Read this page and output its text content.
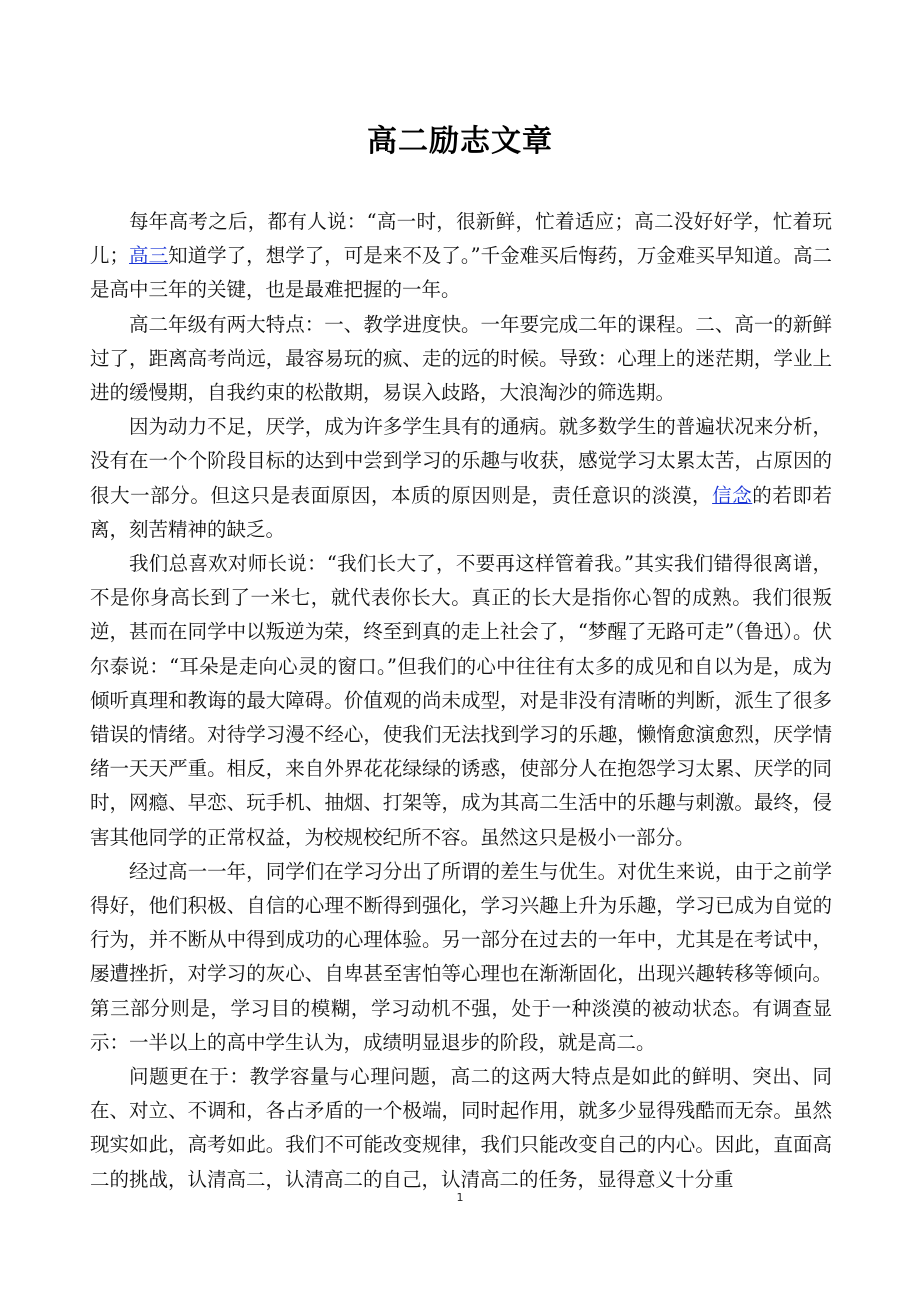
高二励志文章

每年高考之后，都有人说：“高一时，很新鲜，忙着适应；高二没好好学，忙着玩儿；高三知道学了，想学了，可是来不及了。”千金难买后悔药，万金难买早知道。高二是高中三年的关键，也是最难把握的一年。

高二年级有两大特点：一、教学进度快。一年要完成二年的课程。二、高一的新鲜过了，距离高考尚远，最容易玩的疯、走的远的时候。导致：心理上的迷茫期，学业上进的缓慢期，自我约束的松散期，易误入歧路，大浪淘沙的筛选期。

因为动力不足，厌学，成为许多学生具有的通病。就多数学生的普遍状况来分析，没有在一个个阶段目标的达到中尝到学习的乐趣与收获，感觉学习太累太苦，占原因的很大一部分。但这只是表面原因，本质的原因则是，责任意识的淡漠，信念的若即若离，刻苦精神的缺乏。

我们总喜欢对师长说：“我们长大了，不要再这样管着我。”其实我们错得很离谱，不是你身高长到了一米七，就代表你长大。真正的长大是指你心智的成熟。我们很叛逆，甚而在同学中以叛逆为荣，终至到真的走上社会了，“梦醒了无路可走”（鲁迅）。伏尔泰说：“耳朵是走向心灵的窗口。”但我们的心中往往有太多的成见和自以为是，成为倾听真理和教诲的最大障碍。价值观的尚未成型，对是非没有清晰的判断，派生了很多错误的情绪。对待学习漫不经心，使我们无法找到学习的乐趣，懒惰愈演愈烈，厌学情绪一天天严重。相反，来自外界花花绿绿的诱惑，使部分人在抱怨学习太累、厌学的同时，网瘾、早恋、玩手机、抽烟、打架等，成为其高二生活中的乐趣与刺激。最终，侵害其他同学的正常权益，为校规校纪所不容。虽然这只是极小一部分。

经过高一一年，同学们在学习分出了所谓的差生与优生。对优生来说，由于之前学得好，他们积极、自信的心理不断得到强化，学习兴趣上升为乐趣，学习已成为自觉的行为，并不断从中得到成功的心理体验。另一部分在过去的一年中，尤其是在考试中，屡遭挫折，对学习的灰心、自卑甚至害怕等心理也在渐渐固化，出现兴趣转移等倾向。第三部分则是，学习目的模糊，学习动机不强，处于一种淡漠的被动状态。有调查显示：一半以上的高中学生认为，成绩明显退步的阶段，就是高二。

问题更在于：教学容量与心理问题，高二的这两大特点是如此的鲜明、突出、同在、对立、不调和，各占矛盾的一个极端，同时起作用，就多少显得残酷而无奈。虽然现实如此，高考如此。我们不可能改变规律，我们只能改变自己的内心。因此，直面高二的挑战，认清高二，认清高二的自己，认清高二的任务，显得意义十分重

1
